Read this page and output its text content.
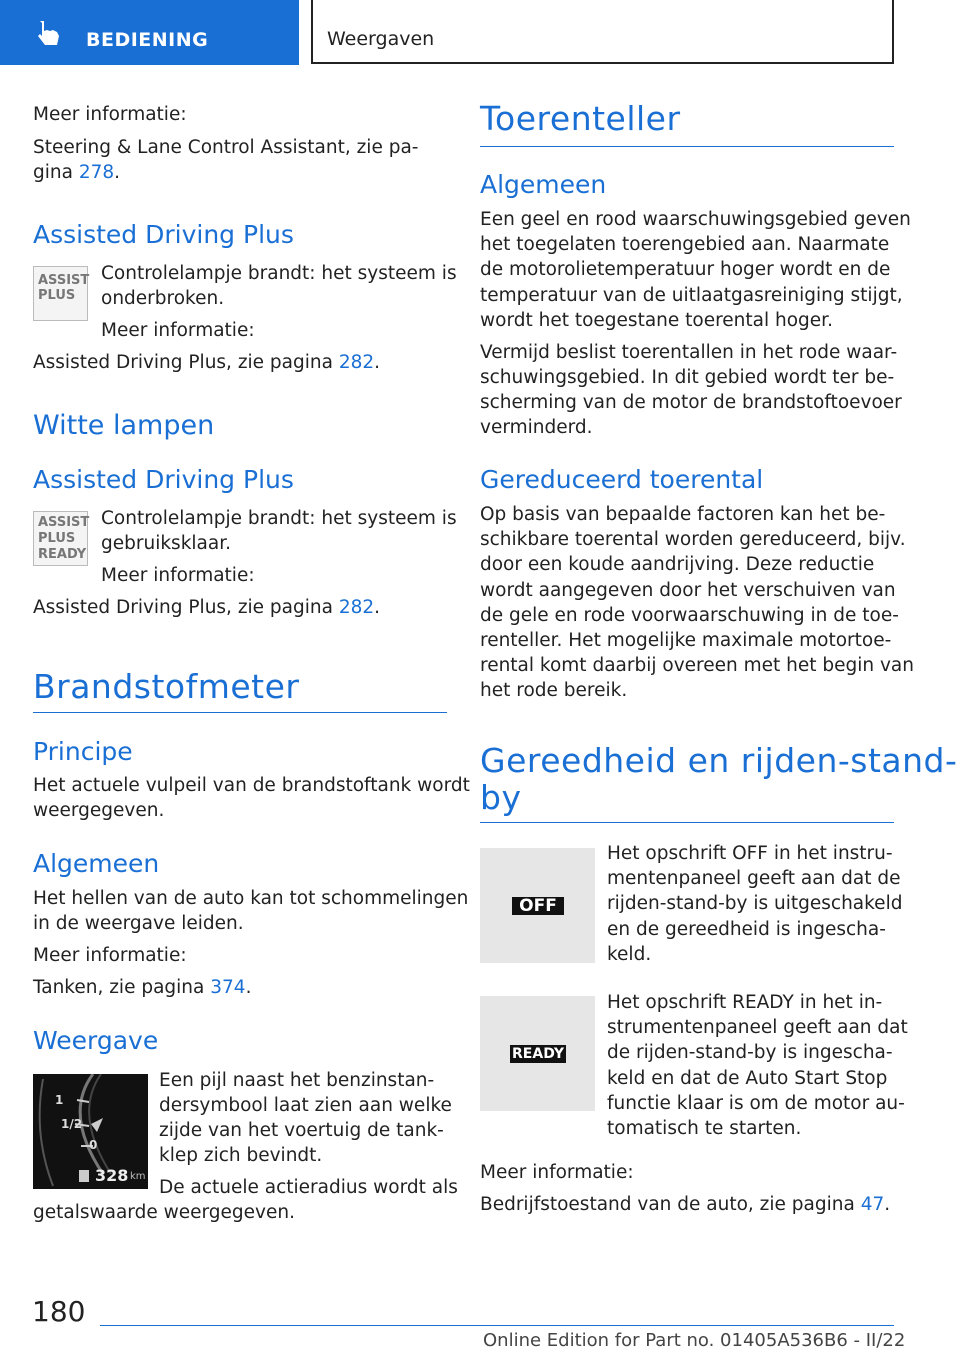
BEDIENING	Weergaven

Meer informatie:

Steering & Lane Control Assistant, zie pa-

gina 278.

Assisted Driving Plus
ASSIST
PLUS

Controlelampje brandt: het systeem is

onderbroken.

Meer informatie:

Assisted Driving Plus, zie pagina 282.

Witte lampen
Assisted Driving Plus
ASSIST
PLUS
READY

Controlelampje brandt: het systeem is

gebruiksklaar.

Meer informatie:

Assisted Driving Plus, zie pagina 282.

Brandstofmeter
Principe

Het actuele vulpeil van de brandstoftank wordt

weergegeven.

Algemeen

Het hellen van de auto kan tot schommelingen

in de weergave leiden.

Meer informatie:

Tanken, zie pagina 374.

Weergave
1
1/2
0
328 km

Een pijl naast het benzinstan-

dersymbool laat zien aan welke

zijde van het voertuig de tank-

klep zich bevindt.

De actuele actieradius wordt als

getalswaarde weergegeven.

Toerenteller
Algemeen

Een geel en rood waarschuwingsgebied geven

het toegelaten toerengebied aan. Naarmate

de motorolietemperatuur hoger wordt en de

temperatuur van de uitlaatgasreiniging stijgt,

wordt het toegestane toerental hoger.

Vermijd beslist toerentallen in het rode waar-

schuwingsgebied. In dit gebied wordt ter be-

scherming van de motor de brandstoftoevoer

verminderd.

Gereduceerd toerental

Op basis van bepaalde factoren kan het be-

schikbare toerental worden gereduceerd, bijv.

door een koude aandrijving. Deze reductie

wordt aangegeven door het verschuiven van

de gele en rode voorwaarschuwing in de toe-

renteller. Het mogelijke maximale motortoe-

rental komt daarbij overeen met het begin van

het rode bereik.

Gereedheid en rijden-stand-
by
OFF

Het opschrift OFF in het instru-

mentenpaneel geeft aan dat de

rijden-stand-by is uitgeschakeld

en de gereedheid is ingescha-

keld.

READY

Het opschrift READY in het in-

strumentenpaneel geeft aan dat

de rijden-stand-by is ingescha-

keld en dat de Auto Start Stop

functie klaar is om de motor au-

tomatisch te starten.

Meer informatie:

Bedrijfstoestand van de auto, zie pagina 47.

180
Online Edition for Part no. 01405A536B6 - II/22
